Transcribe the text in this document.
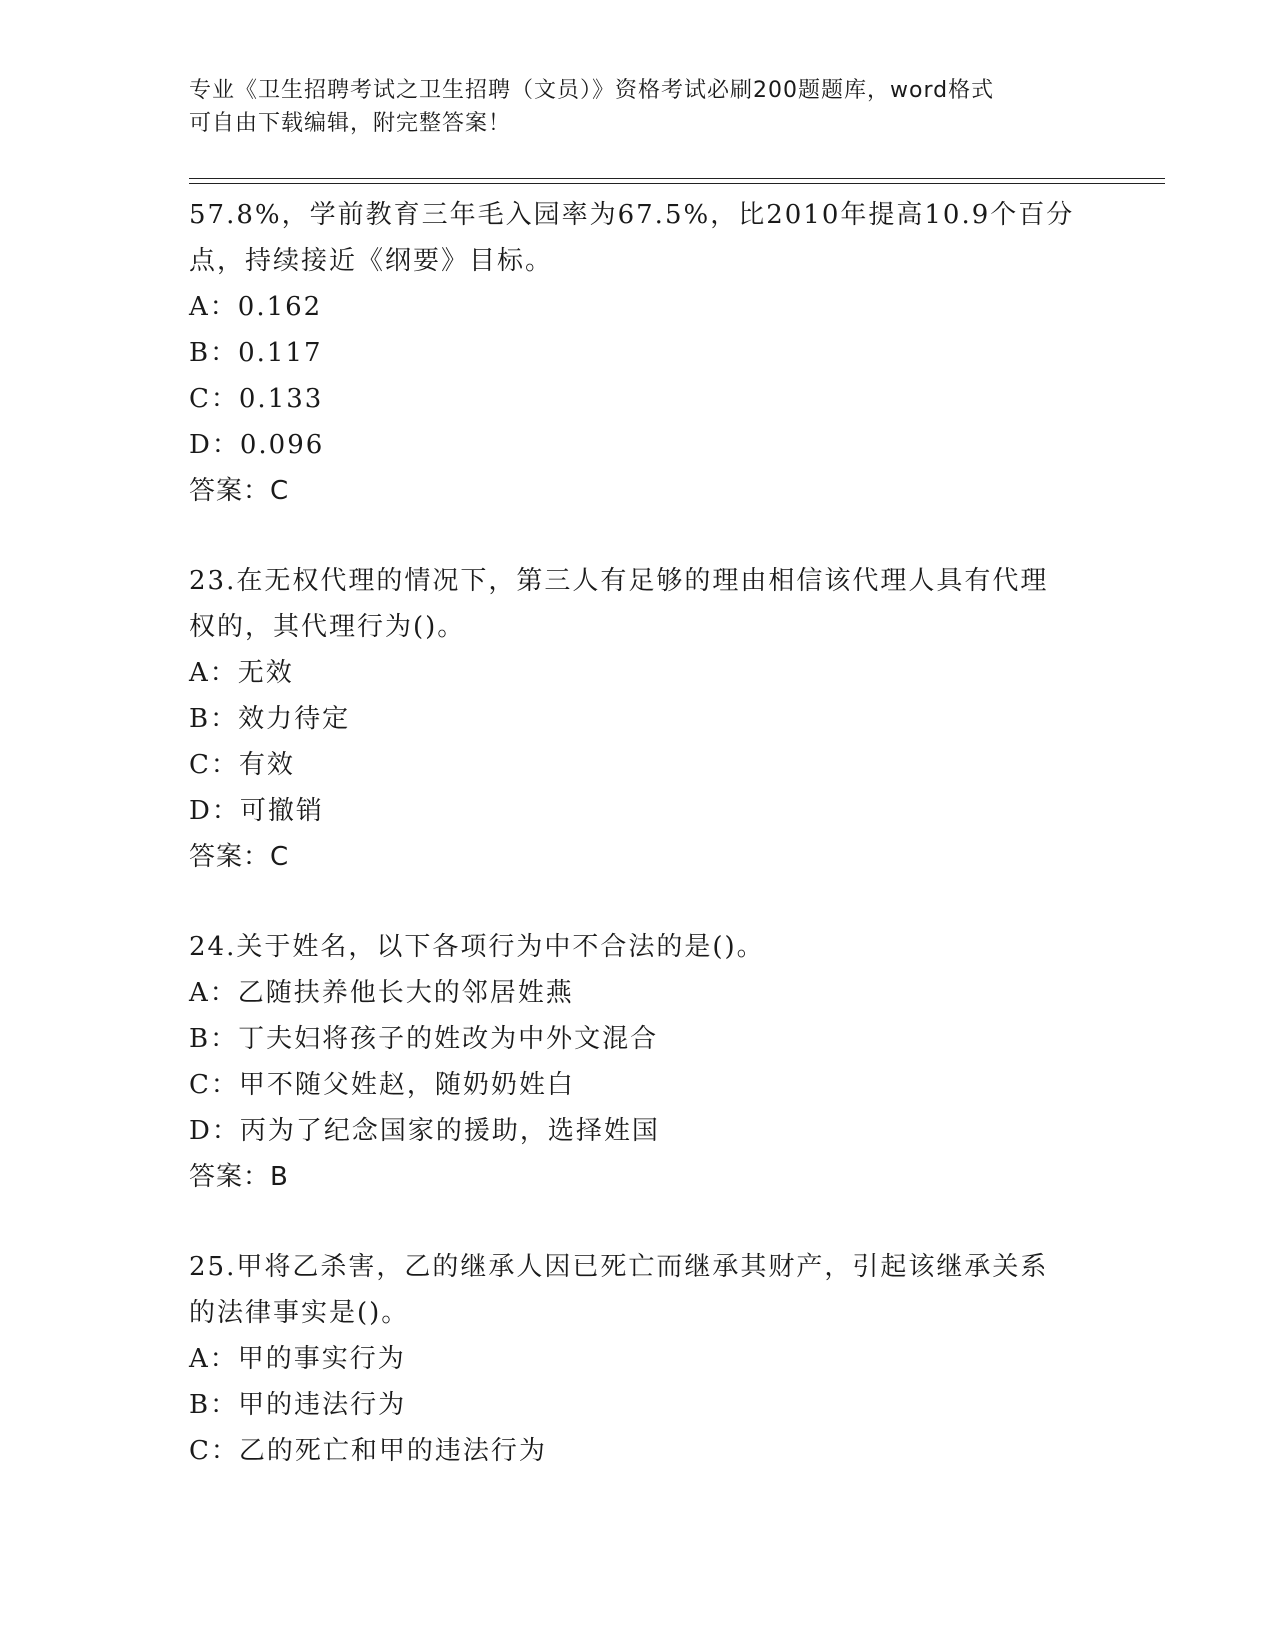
专业《卫生招聘考试之卫生招聘（文员）》资格考试必刷200题题库，word格式
可自由下载编辑，附完整答案！

57.8%，学前教育三年毛入园率为67.5%，比2010年提高10.9个百分

点，持续接近《纲要》目标。

A：0.162

B：0.117

C：0.133

D：0.096

答案：C

23.在无权代理的情况下，第三人有足够的理由相信该代理人具有代理

权的，其代理行为()。

A：无效

B：效力待定

C：有效

D：可撤销

答案：C

24.关于姓名，以下各项行为中不合法的是()。

A：乙随扶养他长大的邻居姓燕

B：丁夫妇将孩子的姓改为中外文混合

C：甲不随父姓赵，随奶奶姓白

D：丙为了纪念国家的援助，选择姓国

答案：B

25.甲将乙杀害，乙的继承人因已死亡而继承其财产，引起该继承关系

的法律事实是()。

A：甲的事实行为

B：甲的违法行为

C：乙的死亡和甲的违法行为
